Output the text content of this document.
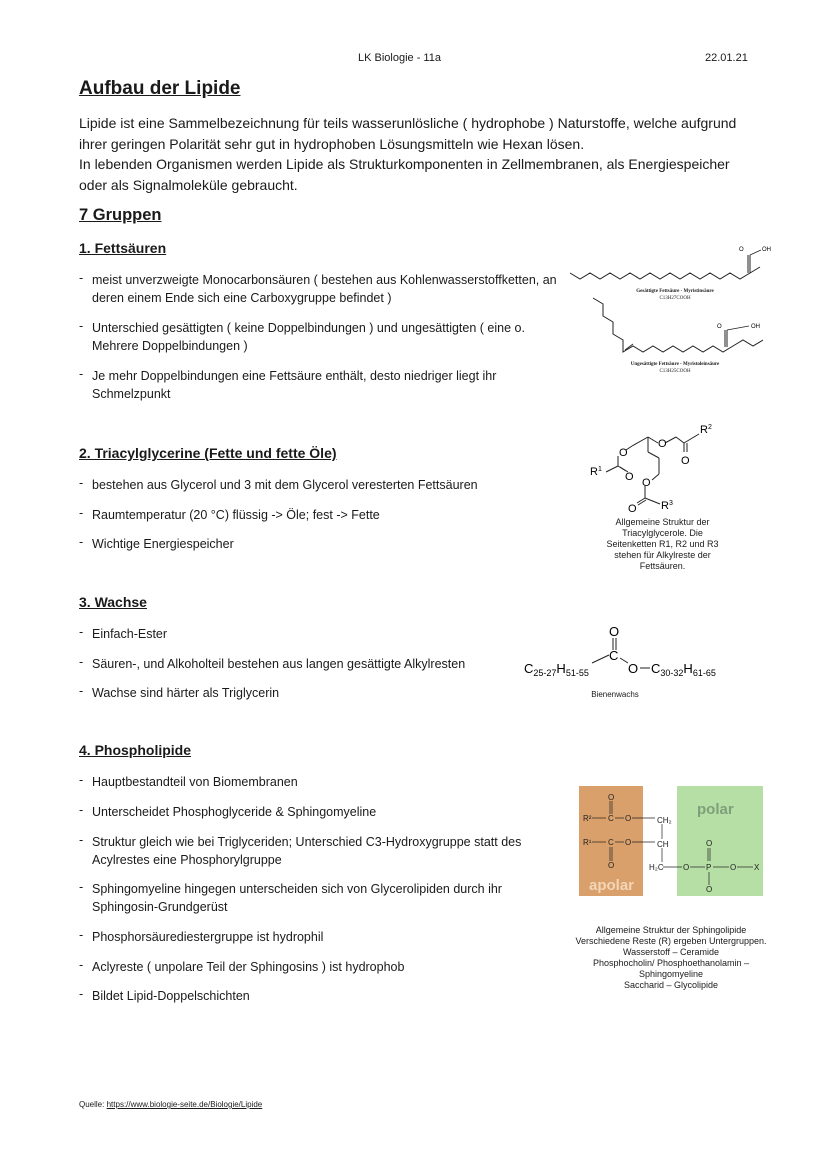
LK Biologie - 11a	22.01.21
Aufbau der Lipide
Lipide ist eine Sammelbezeichnung für teils wasserunlösliche ( hydrophobe ) Naturstoffe, welche aufgrund ihrer geringen Polarität sehr gut in hydrophoben Lösungsmitteln wie Hexan lösen.
In lebenden Organismen werden Lipide als Strukturkomponenten in Zellmembranen, als Energiespeicher oder als Signalmoleküle gebraucht.
7 Gruppen
1. Fettsäuren
- meist unverzweigte Monocarbonsäuren ( bestehen aus Kohlenwasserstoffketten, an deren einem Ende sich eine Carboxygruppe befindet )
- Unterschied gesättigten ( keine Doppelbindungen ) und ungesättigten ( eine o. Mehrere Doppelbindungen )
- Je mehr Doppelbindungen eine Fettsäure enthält, desto niedriger liegt ihr Schmelzpunkt
O	OH
O	OH
Gesättigte Fettsäure - Myristinsäure
C13H27COOH
Ungesättigte Fettsäure - Myristoleinsäure
C13H25COOH
2. Triacylglycerine (Fette und fette Öle)
- bestehen aus Glycerol und 3 mit dem Glycerol veresterten Fettsäuren
- Raumtemperatur (20 °C) flüssig -> Öle; fest -> Fette
- Wichtige Energiespeicher
O
O
O
O O
O
$R^2$
$R^1$
$R^3$
Allgemeine Struktur der Triacylglycerole. Die Seitenketten R1, R2 und R3 stehen für Alkylreste der Fettsäuren.
3. Wachse
- Einfach-Ester
- Säuren-, und Alkoholteil bestehen aus langen gesättigte Alkylresten
- Wachse sind härter als Triglycerin
$C_{25-27}H_{51-55}$
O
C
O $C_{30-32}H_{61-65}$
Bienenwachs
4. Phospholipide
- Hauptbestandteil von Biomembranen
- Unterscheidet Phosphoglyceride & Sphingomyeline
- Struktur gleich wie bei Triglyceriden; Unterschied C3-Hydroxygruppe statt des Acylrestes eine Phosphorylgruppe
- Sphingomyeline hingegen unterscheiden sich von Glycerolipiden durch ihr Sphingosin-Grundgerüst
- Phosphorsäurediestergruppe ist hydrophil
- Aclyreste ( unpolare Teil der Sphingosins ) ist hydrophob
- Bildet Lipid-Doppelschichten
apolar
polar
R²
R¹
O
C O
C O
O
CH₂
CH
H₂C O
O
P
O
O X
Allgemeine Struktur der Sphingolipide
Verschiedene Reste (R) ergeben Untergruppen.
Wasserstoff – Ceramide
Phosphocholin/ Phosphoethanolamin –
Sphingomyeline
Saccharid – Glycolipide
Quelle: https://www.biologie-seite.de/Biologie/Lipide
